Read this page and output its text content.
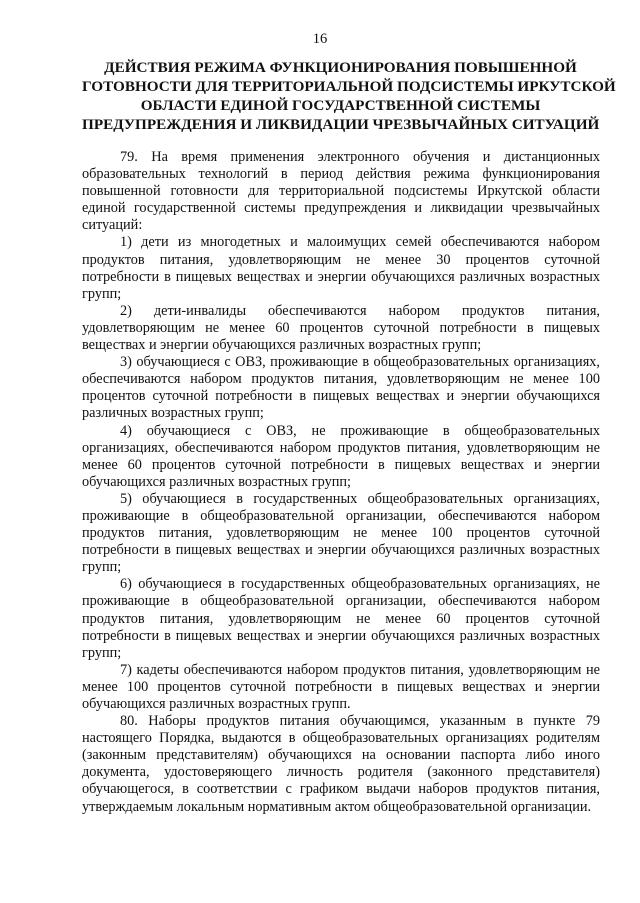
16
ДЕЙСТВИЯ РЕЖИМА ФУНКЦИОНИРОВАНИЯ ПОВЫШЕННОЙ
ГОТОВНОСТИ ДЛЯ ТЕРРИТОРИАЛЬНОЙ ПОДСИСТЕМЫ ИРКУТСКОЙ
ОБЛАСТИ ЕДИНОЙ ГОСУДАРСТВЕННОЙ СИСТЕМЫ
ПРЕДУПРЕЖДЕНИЯ И ЛИКВИДАЦИИ ЧРЕЗВЫЧАЙНЫХ СИТУАЦИЙ

79. На время применения электронного обучения и дистанционных образовательных технологий в период действия режима функционирования повышенной готовности для территориальной подсистемы Иркутской области единой государственной системы предупреждения и ликвидации чрезвычайных ситуаций:

1) дети из многодетных и малоимущих семей обеспечиваются набором продуктов питания, удовлетворяющим не менее 30 процентов суточной потребности в пищевых веществах и энергии обучающихся различных возрастных групп;

2) дети-инвалиды обеспечиваются набором продуктов питания, удовлетворяющим не менее 60 процентов суточной потребности в пищевых веществах и энергии обучающихся различных возрастных групп;

3) обучающиеся с ОВЗ, проживающие в общеобразовательных организациях, обеспечиваются набором продуктов питания, удовлетворяющим не менее 100 процентов суточной потребности в пищевых веществах и энергии обучающихся различных возрастных групп;

4) обучающиеся с ОВЗ, не проживающие в общеобразовательных организациях, обеспечиваются набором продуктов питания, удовлетворяющим не менее 60 процентов суточной потребности в пищевых веществах и энергии обучающихся различных возрастных групп;

5) обучающиеся в государственных общеобразовательных организациях, проживающие в общеобразовательной организации, обеспечиваются набором продуктов питания, удовлетворяющим не менее 100 процентов суточной потребности в пищевых веществах и энергии обучающихся различных возрастных групп;

6) обучающиеся в государственных общеобразовательных организациях, не проживающие в общеобразовательной организации, обеспечиваются набором продуктов питания, удовлетворяющим не менее 60 процентов суточной потребности в пищевых веществах и энергии обучающихся различных возрастных групп;

7) кадеты обеспечиваются набором продуктов питания, удовлетворяющим не менее 100 процентов суточной потребности в пищевых веществах и энергии обучающихся различных возрастных групп.

80. Наборы продуктов питания обучающимся, указанным в пункте 79 настоящего Порядка, выдаются в общеобразовательных организациях родителям (законным представителям) обучающихся на основании паспорта либо иного документа, удостоверяющего личность родителя (законного представителя) обучающегося, в соответствии с графиком выдачи наборов продуктов питания, утверждаемым локальным нормативным актом общеобразовательной организации.
